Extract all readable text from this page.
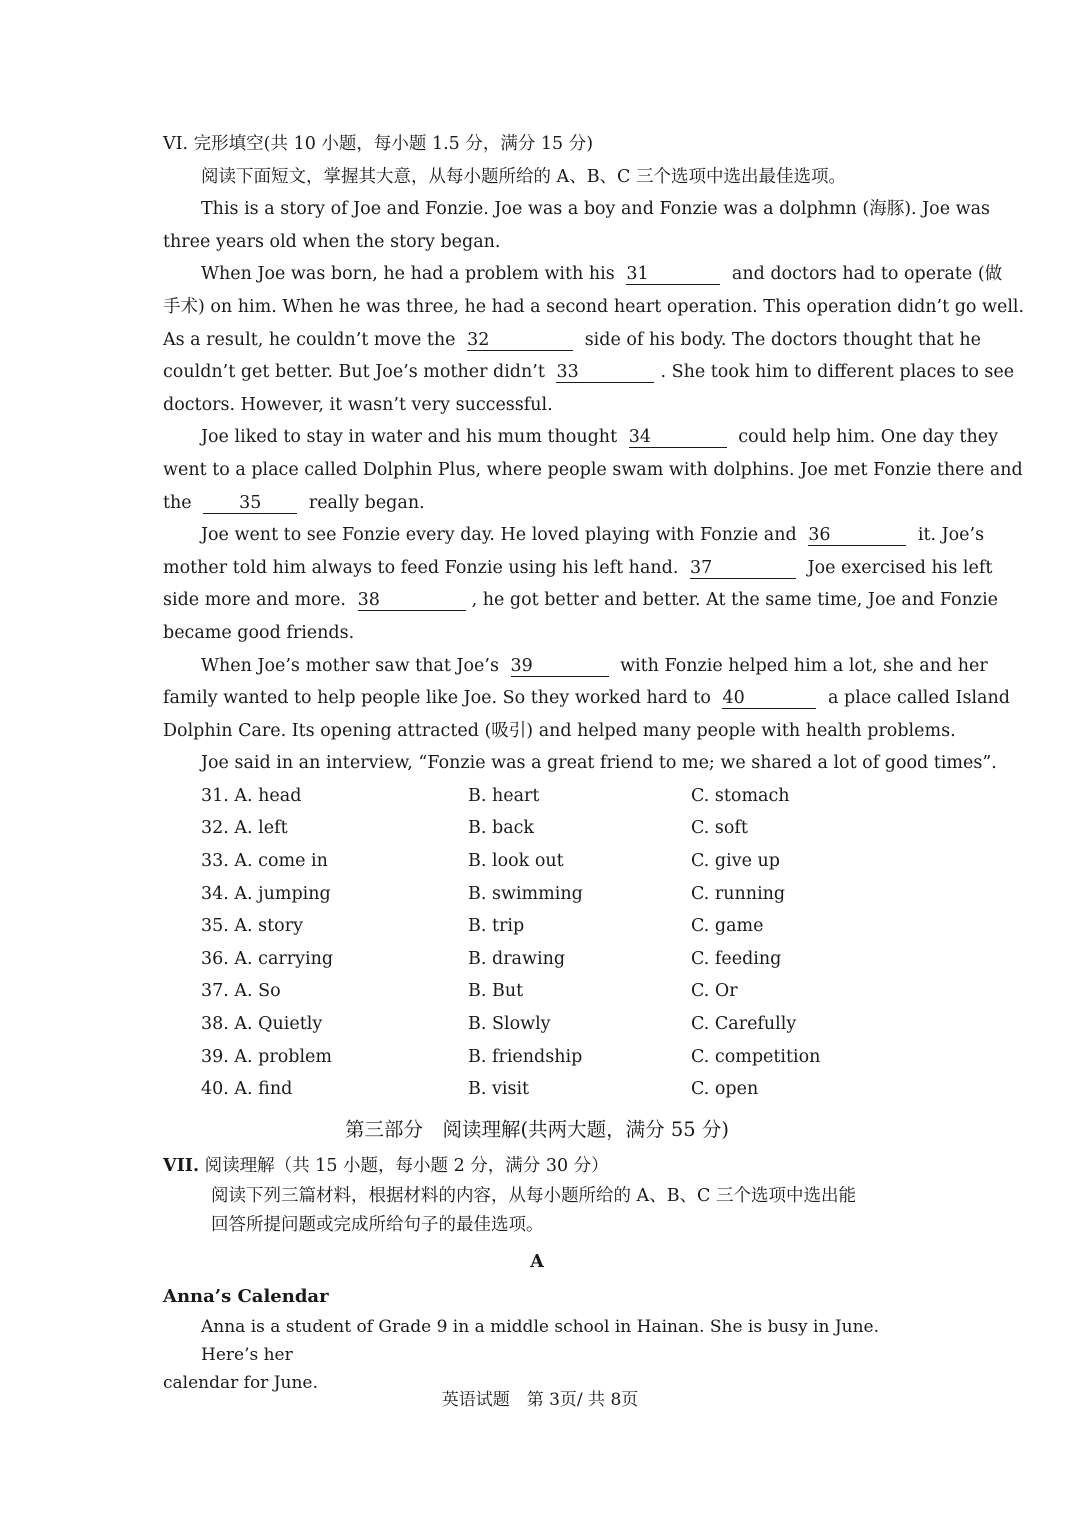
VI. 完形填空(共 10 小题，每小题 1.5 分，满分 15 分)
阅读下面短文，掌握其大意，从每小题所给的 A、B、C 三个选项中选出最佳选项。
This is a story of Joe and Fonzie. Joe was a boy and Fonzie was a dolphmn (海豚). Joe was
three years old when the story began.
When Joe was born, he had a problem with his 31	and doctors had to operate (做
手术) on him. When he was three, he had a second heart operation. This operation didn’t go well.
As a result, he couldn’t move the 32	side of his body. The doctors thought that he
couldn’t get better. But Joe’s mother didn’t 33	. She took him to different places to see
doctors. However, it wasn’t very successful.
Joe liked to stay in water and his mum thought 34	could help him. One day they
went to a place called Dolphin Plus, where people swam with dolphins. Joe met Fonzie there and
the	35	really began.
Joe went to see Fonzie every day. He loved playing with Fonzie and 36	it. Joe’s
mother told him always to feed Fonzie using his left hand. 37	Joe exercised his left
side more and more. 38	, he got better and better. At the same time, Joe and Fonzie
became good friends.
When Joe’s mother saw that Joe’s 39	with Fonzie helped him a lot, she and her
family wanted to help people like Joe. So they worked hard to 40	a place called Island
Dolphin Care. Its opening attracted (吸引) and helped many people with health problems.
Joe said in an interview, “Fonzie was a great friend to me; we shared a lot of good times”.
31. A. head	B. heart	C. stomach
32. A. left	B. back	C. soft
33. A. come in	B. look out	C. give up
34. A. jumping	B. swimming	C. running
35. A. story	B. trip	C. game
36. A. carrying	B. drawing	C. feeding
37. A. So	B. But	C. Or
38. A. Quietly	B. Slowly	C. Carefully
39. A. problem	B. friendship	C. competition
40. A. find	B. visit	C. open
第三部分　阅读理解(共两大题，满分 55 分)
VII. 阅读理解（共 15 小题，每小题 2 分，满分 30 分）
阅读下列三篇材料，根据材料的内容，从每小题所给的 A、B、C 三个选项中选出能
回答所提问题或完成所给句子的最佳选项。
A
Anna’s Calendar
Anna is a student of Grade 9 in a middle school in Hainan. She is busy in June. Here’s her
calendar for June.
英语试题　第 3页/ 共 8页
